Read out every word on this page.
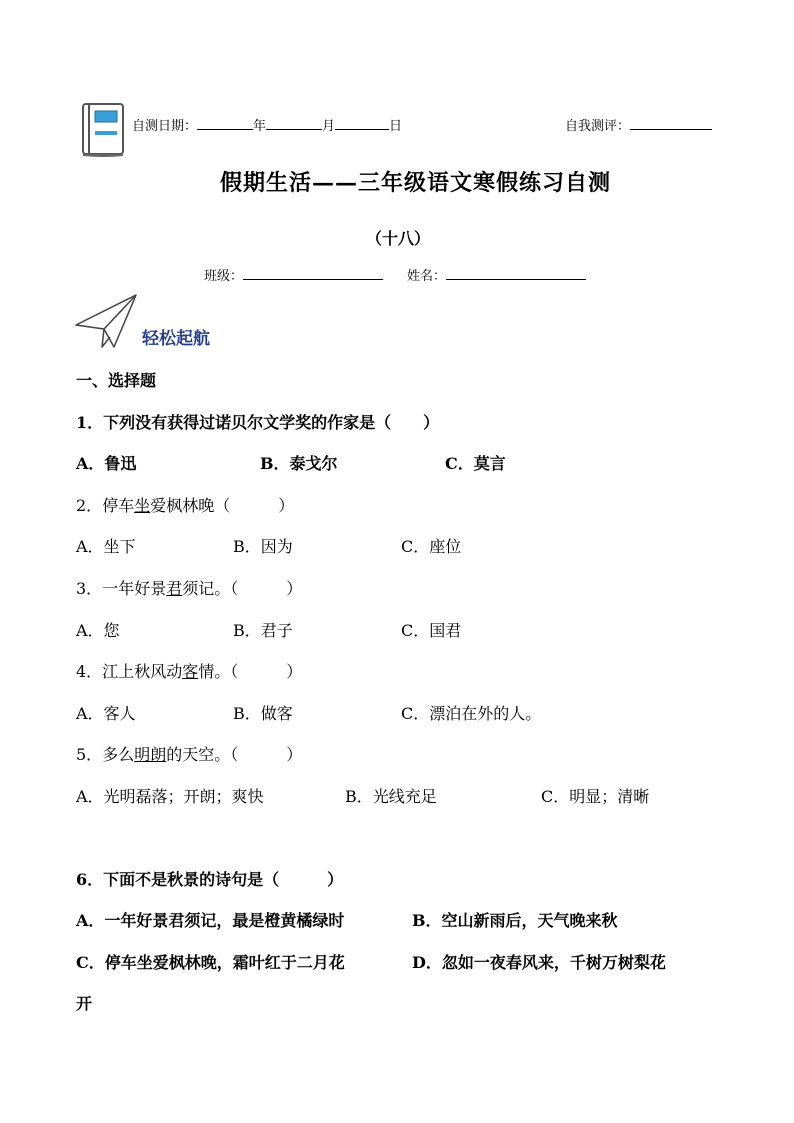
自测日期：	年	月	日	自我测评：
假期生活——三年级语文寒假练习自测
（十八）
班级：	姓名：
轻松起航
一、选择题
1．下列没有获得过诺贝尔文学奖的作家是（　　）
A．鲁迅	B．泰戈尔	C．莫言
2．停车坐爱枫林晚（　　　）
A．坐下	B．因为	C．座位
3．一年好景君须记。（　　　）
A．您	B．君子	C．国君
4．江上秋风动客情。（　　　）
A．客人	B．做客	C．漂泊在外的人。
5．多么明朗的天空。（　　　）
A．光明磊落；开朗；爽快	B．光线充足	C．明显；清晰
6．下面不是秋景的诗句是（　　　）
A．一年好景君须记，最是橙黄橘绿时	B．空山新雨后，天气晚来秋
C．停车坐爱枫林晚，霜叶红于二月花	D．忽如一夜春风来，千树万树梨花
开
